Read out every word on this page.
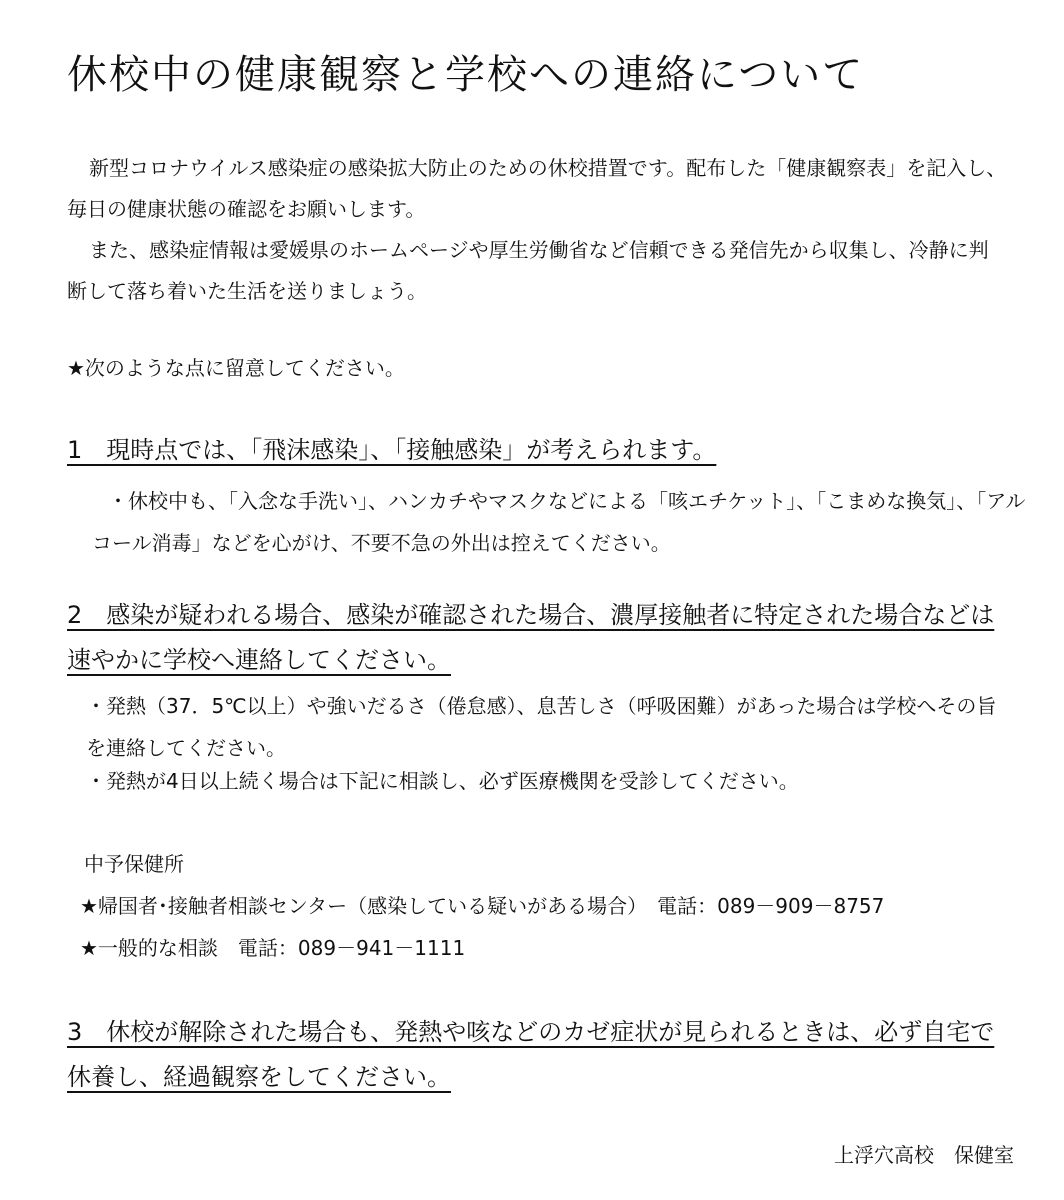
休校中の健康観察と学校への連絡について
新型コロナウイルス感染症の感染拡大防止のための休校措置です。配布した「健康観察表」を記入し、毎日の健康状態の確認をお願いします。
また、感染症情報は愛媛県のホームページや厚生労働省など信頼できる発信先から収集し、冷静に判断して落ち着いた生活を送りましょう。
★次のような点に留意してください。
1　現時点では、「飛沫感染」、「接触感染」が考えられます。
・休校中も、「入念な手洗い」、ハンカチやマスクなどによる「咳エチケット」、「こまめな換気」、「アルコール消毒」などを心がけ、不要不急の外出は控えてください。
2　感染が疑われる場合、感染が確認された場合、濃厚接触者に特定された場合などは速やかに学校へ連絡してください。
・発熱（37．5℃以上）や強いだるさ（倦怠感）、息苦しさ（呼吸困難）があった場合は学校へその旨を連絡してください。
・発熱が4日以上続く場合は下記に相談し、必ず医療機関を受診してください。
中予保健所
★帰国者･接触者相談センター（感染している疑いがある場合）　電話：089－909－8757
★一般的な相談　電話：089－941－1111
3　休校が解除された場合も、発熱や咳などのカゼ症状が見られるときは、必ず自宅で休養し、経過観察をしてください。
上浮穴高校　保健室
